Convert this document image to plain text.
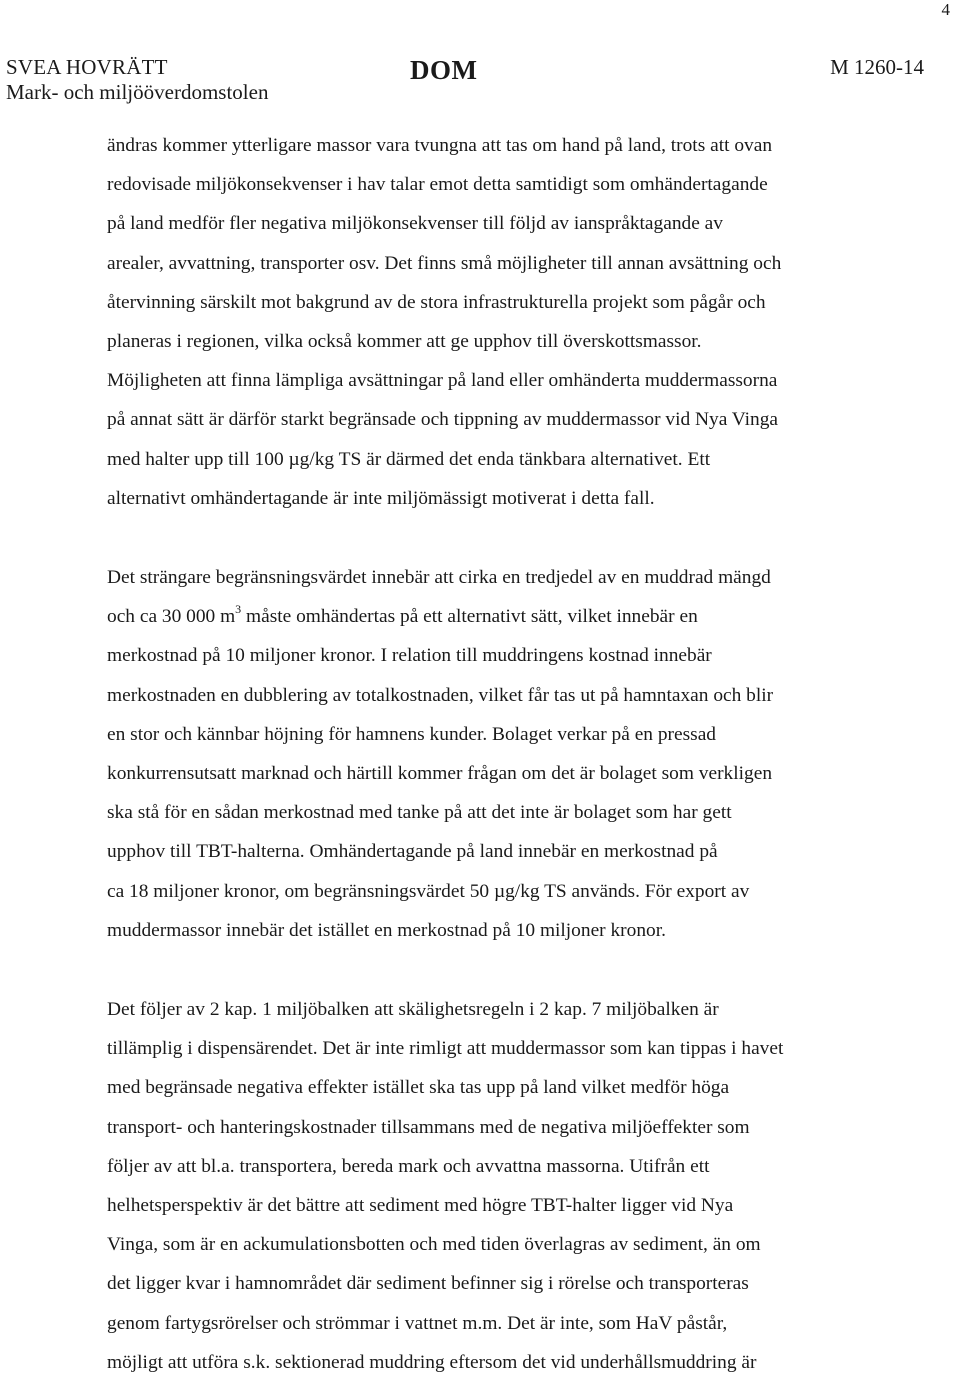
4
SVEA HOVRÄTT
Mark- och miljööverdomstolen
DOM	M 1260-14
ändras kommer ytterligare massor vara tvungna att tas om hand på land, trots att ovan
redovisade miljökonsekvenser i hav talar emot detta samtidigt som omhändertagande
på land medför fler negativa miljökonsekvenser till följd av ianspråktagande av
arealer, avvattning, transporter osv. Det finns små möjligheter till annan avsättning och
återvinning särskilt mot bakgrund av de stora infrastrukturella projekt som pågår och
planeras i regionen, vilka också kommer att ge upphov till överskottsmassor.
Möjligheten att finna lämpliga avsättningar på land eller omhänderta muddermassorna
på annat sätt är därför starkt begränsade och tippning av muddermassor vid Nya Vinga
med halter upp till 100 µg/kg TS är därmed det enda tänkbara alternativet. Ett
alternativt omhändertagande är inte miljömässigt motiverat i detta fall.
Det strängare begränsningsvärdet innebär att cirka en tredjedel av en muddrad mängd
och ca 30 000 $m^3$ måste omhändertas på ett alternativt sätt, vilket innebär en
merkostnad på 10 miljoner kronor. I relation till muddringens kostnad innebär
merkostnaden en dubblering av totalkostnaden, vilket får tas ut på hamntaxan och blir
en stor och kännbar höjning för hamnens kunder. Bolaget verkar på en pressad
konkurrensutsatt marknad och härtill kommer frågan om det är bolaget som verkligen
ska stå för en sådan merkostnad med tanke på att det inte är bolaget som har gett
upphov till TBT-halterna. Omhändertagande på land innebär en merkostnad på
ca 18 miljoner kronor, om begränsningsvärdet 50 µg/kg TS används. För export av
muddermassor innebär det istället en merkostnad på 10 miljoner kronor.
Det följer av 2 kap. 1 miljöbalken att skälighetsregeln i 2 kap. 7 miljöbalken är
tillämplig i dispensärendet. Det är inte rimligt att muddermassor som kan tippas i havet
med begränsade negativa effekter istället ska tas upp på land vilket medför höga
transport- och hanteringskostnader tillsammans med de negativa miljöeffekter som
följer av att bl.a. transportera, bereda mark och avvattna massorna. Utifrån ett
helhetsperspektiv är det bättre att sediment med högre TBT-halter ligger vid Nya
Vinga, som är en ackumulationsbotten och med tiden överlagras av sediment, än om
det ligger kvar i hamnområdet där sediment befinner sig i rörelse och transporteras
genom fartygsrörelser och strömmar i vattnet m.m. Det är inte, som HaV påstår,
möjligt att utföra s.k. sektionerad muddring eftersom det vid underhållsmuddring är
